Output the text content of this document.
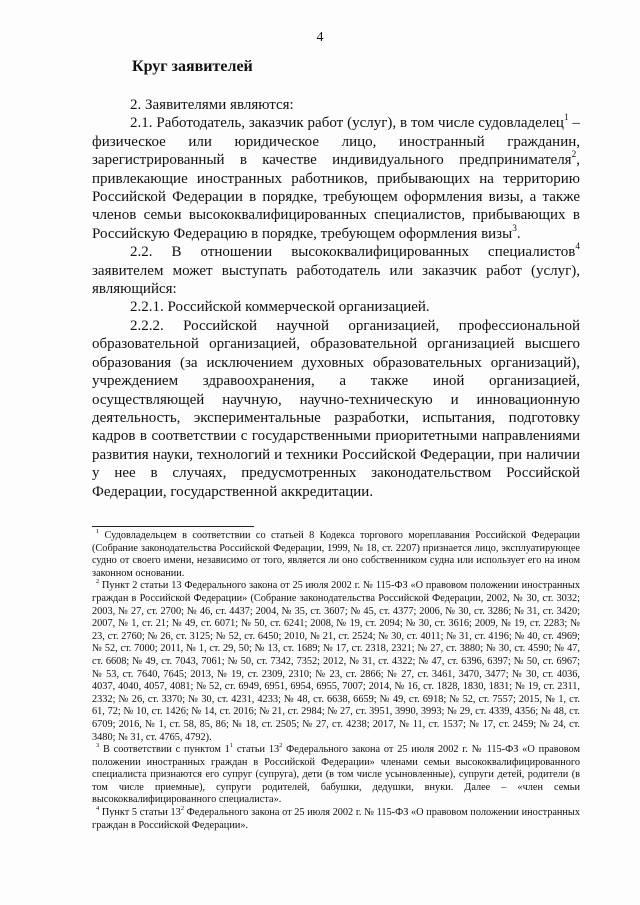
4
Круг заявителей

2. Заявителями являются:

2.1. Работодатель, заказчик работ (услуг), в том числе судовладелец$^1$ – физическое или юридическое лицо, иностранный гражданин, зарегистрированный в качестве индивидуального предпринимателя$^2$, привлекающие иностранных работников, прибывающих на территорию Российской Федерации в порядке, требующем оформления визы, а также членов семьи высококвалифицированных специалистов, прибывающих в Российскую Федерацию в порядке, требующем оформления визы$^3$.

2.2. В отношении высококвалифицированных специалистов$^4$ заявителем может выступать работодатель или заказчик работ (услуг), являющийся:

2.2.1. Российской коммерческой организацией.

2.2.2. Российской научной организацией, профессиональной образовательной организацией, образовательной организацией высшего образования (за исключением духовных образовательных организаций), учреждением здравоохранения, а также иной организацией, осуществляющей научную, научно-техническую и инновационную деятельность, экспериментальные разработки, испытания, подготовку кадров в соответствии с государственными приоритетными направлениями развития науки, технологий и техники Российской Федерации, при наличии у нее в случаях, предусмотренных законодательством Российской Федерации, государственной аккредитации.

$^1$ Судовладельцем в соответствии со статьей 8 Кодекса торгового мореплавания Российской Федерации (Собрание законодательства Российской Федерации, 1999, № 18, ст. 2207) признается лицо, эксплуатирующее судно от своего имени, независимо от того, является ли оно собственником судна или использует его на ином законном основании.

$^2$ Пункт 2 статьи 13 Федерального закона от 25 июля 2002 г. № 115-ФЗ «О правовом положении иностранных граждан в Российской Федерации» (Собрание законодательства Российской Федерации, 2002, № 30, ст. 3032; 2003, № 27, ст. 2700; № 46, ст. 4437; 2004, № 35, ст. 3607; № 45, ст. 4377; 2006, № 30, ст. 3286; № 31, ст. 3420; 2007, № 1, ст. 21; № 49, ст. 6071; № 50, ст. 6241; 2008, № 19, ст. 2094; № 30, ст. 3616; 2009, № 19, ст. 2283; № 23, ст. 2760; № 26, ст. 3125; № 52, ст. 6450; 2010, № 21, ст. 2524; № 30, ст. 4011; № 31, ст. 4196; № 40, ст. 4969; № 52, ст. 7000; 2011, № 1, ст. 29, 50; № 13, ст. 1689; № 17, ст. 2318, 2321; № 27, ст. 3880; № 30, ст. 4590; № 47, ст. 6608; № 49, ст. 7043, 7061; № 50, ст. 7342, 7352; 2012, № 31, ст. 4322; № 47, ст. 6396, 6397; № 50, ст. 6967; № 53, ст. 7640, 7645; 2013, № 19, ст. 2309, 2310; № 23, ст. 2866; № 27, ст. 3461, 3470, 3477; № 30, ст. 4036, 4037, 4040, 4057, 4081; № 52, ст. 6949, 6951, 6954, 6955, 7007; 2014, № 16, ст. 1828, 1830, 1831; № 19, ст. 2311, 2332; № 26, ст. 3370; № 30, ст. 4231, 4233; № 48, ст. 6638, 6659; № 49, ст. 6918; № 52, ст. 7557; 2015, № 1, ст. 61, 72; № 10, ст. 1426; № 14, ст. 2016; № 21, ст. 2984; № 27, ст. 3951, 3990, 3993; № 29, ст. 4339, 4356; № 48, ст. 6709; 2016, № 1, ст. 58, 85, 86; № 18, ст. 2505; № 27, ст. 4238; 2017, № 11, ст. 1537; № 17, ст. 2459; № 24, ст. 3480; № 31, ст. 4765, 4792).

$^3$ В соответствии с пунктом $1^1$ статьи $13^2$ Федерального закона от 25 июля 2002 г. № 115-ФЗ «О правовом положении иностранных граждан в Российской Федерации» членами семьи высококвалифицированного специалиста признаются его супруг (супруга), дети (в том числе усыновленные), супруги детей, родители (в том числе приемные), супруги родителей, бабушки, дедушки, внуки. Далее – «член семьи высококвалифицированного специалиста».

$^4$ Пункт 5 статьи $13^2$ Федерального закона от 25 июля 2002 г. № 115-ФЗ «О правовом положении иностранных граждан в Российской Федерации».
